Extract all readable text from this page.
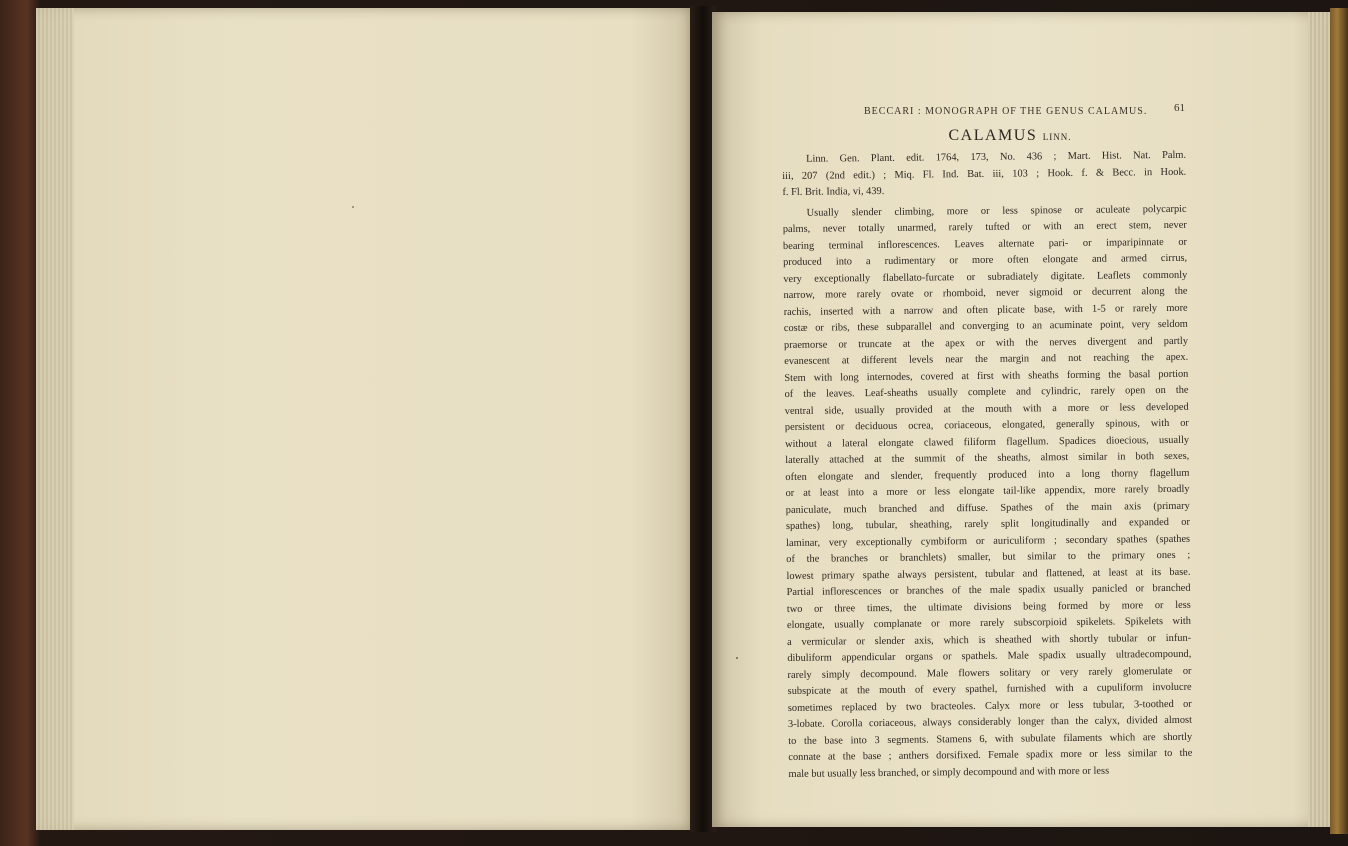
BECCARI : MONOGRAPH OF THE GENUS CALAMUS.	61
CALAMUS LINN.
Linn. Gen. Plant. edit. 1764, 173, No. 436 ; Mart. Hist. Nat. Palm.
iii, 207 (2nd edit.) ; Miq. Fl. Ind. Bat. iii, 103 ; Hook. f. & Becc. in Hook.
f. Fl. Brit. India, vi, 439.
Usually slender climbing, more or less spinose or aculeate polycarpic
palms, never totally unarmed, rarely tufted or with an erect stem, never
bearing terminal inflorescences. Leaves alternate pari- or imparipinnate or
produced into a rudimentary or more often elongate and armed cirrus,
very exceptionally flabellato-furcate or subradiately digitate. Leaflets commonly
narrow, more rarely ovate or rhomboid, never sigmoid or decurrent along the
rachis, inserted with a narrow and often plicate base, with 1-5 or rarely more
costæ or ribs, these subparallel and converging to an acuminate point, very seldom
praemorse or truncate at the apex or with the nerves divergent and partly
evanescent at different levels near the margin and not reaching the apex.
Stem with long internodes, covered at first with sheaths forming the basal portion
of the leaves. Leaf-sheaths usually complete and cylindric, rarely open on the
ventral side, usually provided at the mouth with a more or less developed
persistent or deciduous ocrea, coriaceous, elongated, generally spinous, with or
without a lateral elongate clawed filiform flagellum. Spadices dioecious, usually
laterally attached at the summit of the sheaths, almost similar in both sexes,
often elongate and slender, frequently produced into a long thorny flagellum
or at least into a more or less elongate tail-like appendix, more rarely broadly
paniculate, much branched and diffuse. Spathes of the main axis (primary
spathes) long, tubular, sheathing, rarely split longitudinally and expanded or
laminar, very exceptionally cymbiform or auriculiform ; secondary spathes (spathes
of the branches or branchlets) smaller, but similar to the primary ones ;
lowest primary spathe always persistent, tubular and flattened, at least at its base.
Partial inflorescences or branches of the male spadix usually panicled or branched
two or three times, the ultimate divisions being formed by more or less
elongate, usually complanate or more rarely subscorpioid spikelets. Spikelets with
a vermicular or slender axis, which is sheathed with shortly tubular or infun-
dibuliform appendicular organs or spathels. Male spadix usually ultradecompound,
rarely simply decompound. Male flowers solitary or very rarely glomerulate or
subspicate at the mouth of every spathel, furnished with a cupuliform involucre
sometimes replaced by two bracteoles. Calyx more or less tubular, 3-toothed or
3-lobate. Corolla coriaceous, always considerably longer than the calyx, divided almost
to the base into 3 segments. Stamens 6, with subulate filaments which are shortly
connate at the base ; anthers dorsifixed. Female spadix more or less similar to the
male but usually less branched, or simply decompound and with more or less
